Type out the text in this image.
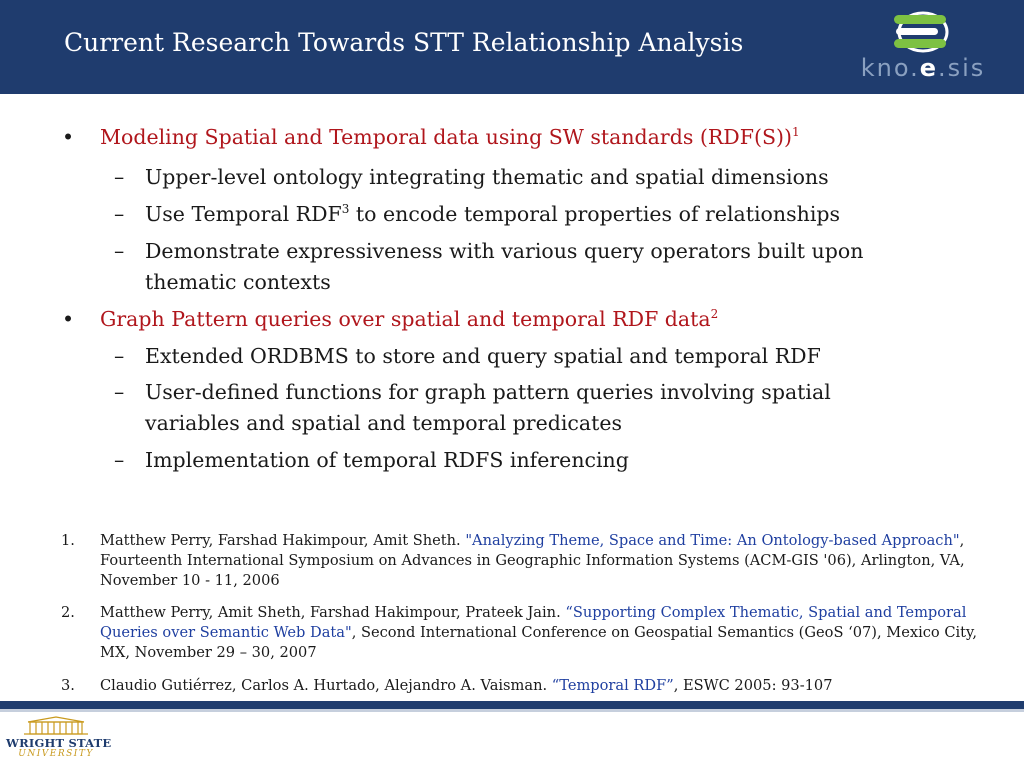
Current Research Towards STT Relationship Analysis
kno.e.sis
• Modeling Spatial and Temporal data using SW standards $(RDF(S))^1$
– Upper-level ontology integrating thematic and spatial dimensions
– Use Temporal RDF$^3$ to encode temporal properties of relationships
– Demonstrate expressiveness with various query operators built upon
thematic contexts
• Graph Pattern queries over spatial and temporal RDF data$^2$
– Extended ORDBMS to store and query spatial and temporal RDF
– User-defined functions for graph pattern queries involving spatial
variables and spatial and temporal predicates
– Implementation of temporal RDFS inferencing
1. Matthew Perry, Farshad Hakimpour, Amit Sheth. "Analyzing Theme, Space and Time: An Ontology-based Approach",
Fourteenth International Symposium on Advances in Geographic Information Systems (ACM-GIS '06), Arlington, VA,
November 10 - 11, 2006
2. Matthew Perry, Amit Sheth, Farshad Hakimpour, Prateek Jain. “Supporting Complex Thematic, Spatial and Temporal
Queries over Semantic Web Data", Second International Conference on Geospatial Semantics (GeoS ‘07), Mexico City,
MX, November 29 – 30, 2007
3. Claudio Gutiérrez, Carlos A. Hurtado, Alejandro A. Vaisman. “Temporal RDF”, ESWC 2005: 93-107
WRIGHT STATE
UNIVERSITY
